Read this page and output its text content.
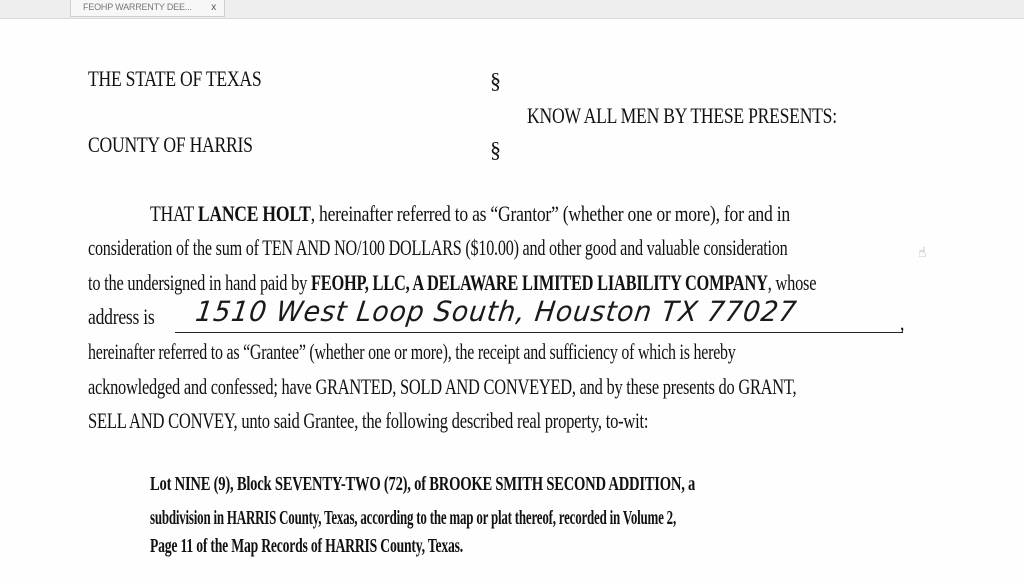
FEOHP WARRENTY DEE... x
THE STATE OF TEXAS	§
KNOW ALL MEN BY THESE PRESENTS:
COUNTY OF HARRIS	§
THAT LANCE HOLT, hereinafter referred to as “Grantor” (whether one or more), for and in
consideration of the sum of TEN AND NO/100 DOLLARS ($10.00) and other good and valuable consideration	☝
to the undersigned in hand paid by FEOHP, LLC, A DELAWARE LIMITED LIABILITY COMPANY, whose
address is 1510 West Loop South, Houston TX 77027	,
hereinafter referred to as “Grantee” (whether one or more), the receipt and sufficiency of which is hereby
acknowledged and confessed; have GRANTED, SOLD AND CONVEYED, and by these presents do GRANT,
SELL AND CONVEY, unto said Grantee, the following described real property, to-wit:
Lot NINE (9), Block SEVENTY-TWO (72), of BROOKE SMITH SECOND ADDITION, a
subdivision in HARRIS County, Texas, according to the map or plat thereof, recorded in Volume 2,
Page 11 of the Map Records of HARRIS County, Texas.
